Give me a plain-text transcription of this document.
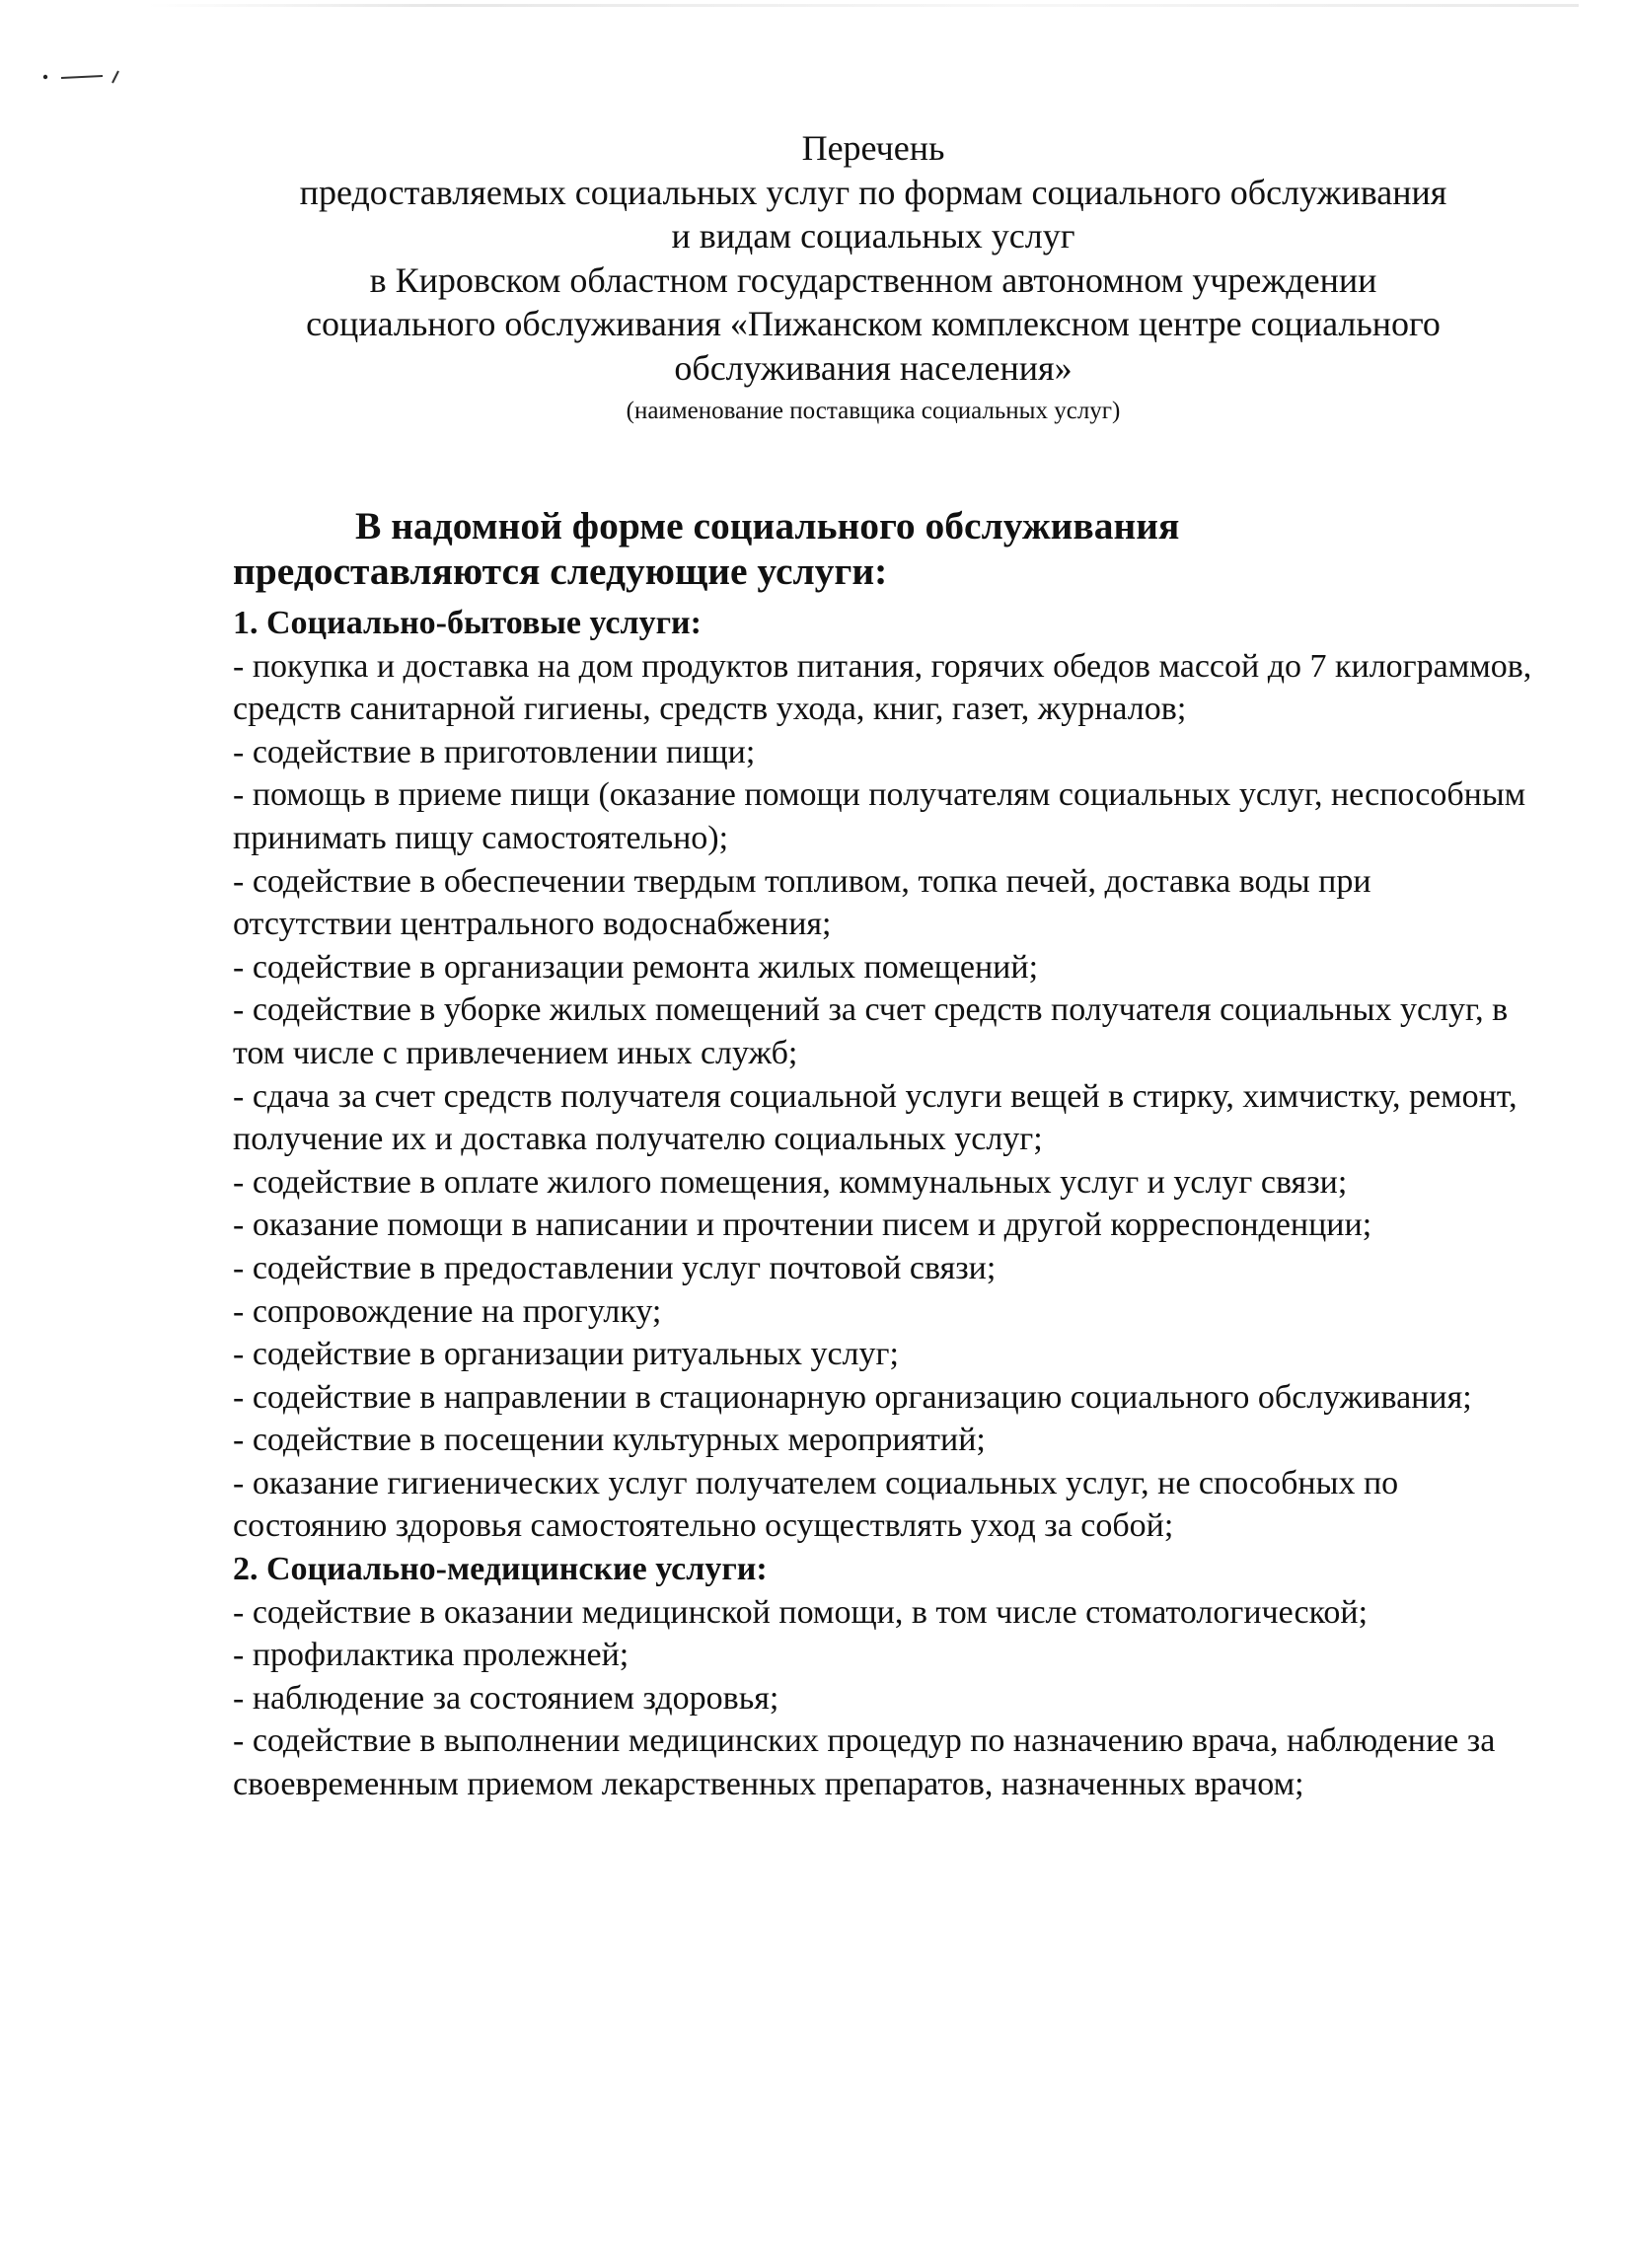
Перечень
предоставляемых социальных услуг по формам социального обслуживания
и видам социальных услуг
в Кировском областном государственном автономном учреждении
социального обслуживания «Пижанском комплексном центре социального
обслуживания населения»
(наименование поставщика социальных услуг)
В надомной форме социального обслуживания
предоставляются следующие услуги:
1. Социально-бытовые услуги:
- покупка и доставка на дом продуктов питания, горячих обедов массой до 7 килограммов, средств санитарной гигиены, средств ухода, книг, газет, журналов;
- содействие в приготовлении пищи;
- помощь в приеме пищи (оказание помощи получателям социальных услуг, неспособным принимать пищу самостоятельно);
- содействие в обеспечении твердым топливом, топка печей, доставка воды при отсутствии центрального водоснабжения;
- содействие в организации ремонта жилых помещений;
- содействие в уборке жилых помещений за счет средств получателя социальных услуг, в том числе с привлечением иных служб;
- сдача за счет средств получателя социальной услуги вещей в стирку, химчистку, ремонт, получение их и доставка получателю социальных услуг;
- содействие в оплате жилого помещения, коммунальных услуг и услуг связи;
- оказание помощи в написании и прочтении писем и другой корреспонденции;
- содействие в предоставлении услуг почтовой связи;
- сопровождение на прогулку;
- содействие в организации ритуальных услуг;
- содействие в направлении в стационарную организацию социального обслуживания;
- содействие в посещении культурных мероприятий;
- оказание гигиенических услуг получателем социальных услуг, не способных по состоянию здоровья самостоятельно осуществлять уход за собой;
2. Социально-медицинские услуги:
- содействие в оказании медицинской помощи, в том числе стоматологической;
- профилактика пролежней;
- наблюдение за состоянием здоровья;
- содействие в выполнении медицинских процедур по назначению врача, наблюдение за своевременным приемом лекарственных препаратов, назначенных врачом;
